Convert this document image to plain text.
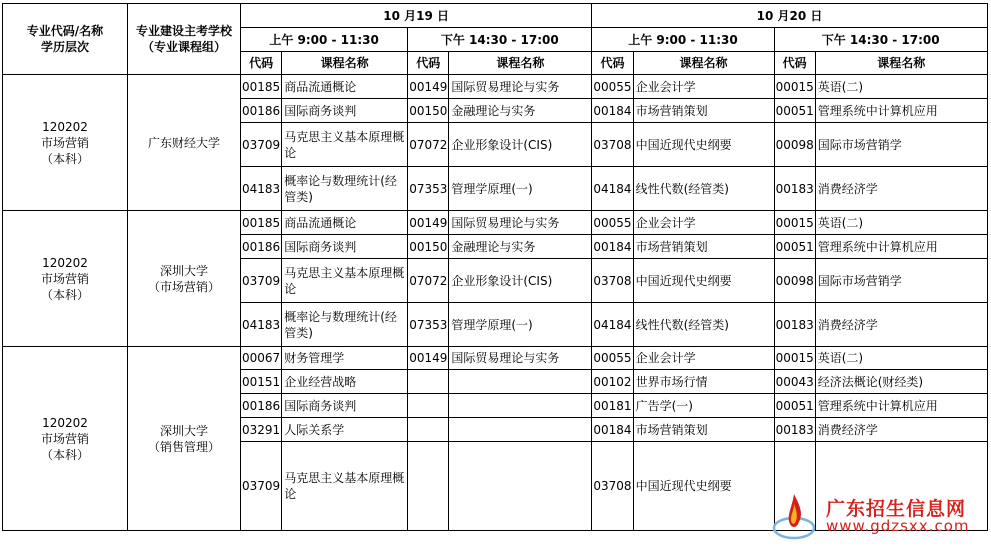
专业代码/名称
学历层次	专业建设主考学校
（专业课程组）	10 月19 日				10 月20 日			
		上午 9:00 - 11:30		下午 14:30 - 17:00		上午 9:00 - 11:30		下午 14:30 - 17:00	
		代码	课程名称	代码	课程名称	代码	课程名称	代码	课程名称

120202
市场营销
（本科）	广东财经大学	00185	商品流通概论	00149	国际贸易理论与实务	00055	企业会计学	00015	英语(二)
		00186	国际商务谈判	00150	金融理论与实务	00184	市场营销策划	00051	管理系统中计算机应用
		03709	马克思主义基本原理概论	07072	企业形象设计(CIS)	03708	中国近现代史纲要	00098	国际市场营销学
		04183	概率论与数理统计(经管类)	07353	管理学原理(一)	04184	线性代数(经管类)	00183	消费经济学

120202
市场营销
（本科）	深圳大学
（市场营销）	00185	商品流通概论	00149	国际贸易理论与实务	00055	企业会计学	00015	英语(二)
		00186	国际商务谈判	00150	金融理论与实务	00184	市场营销策划	00051	管理系统中计算机应用
		03709	马克思主义基本原理概论	07072	企业形象设计(CIS)	03708	中国近现代史纲要	00098	国际市场营销学
		04183	概率论与数理统计(经管类)	07353	管理学原理(一)	04184	线性代数(经管类)	00183	消费经济学

120202
市场营销
（本科）	深圳大学
（销售管理）	00067	财务管理学	00149	国际贸易理论与实务	00055	企业会计学	00015	英语(二)
		00151	企业经营战略			00102	世界市场行情	00043	经济法概论(财经类)
		00186	国际商务谈判			00181	广告学(一)	00051	管理系统中计算机应用
		03291	人际关系学			00184	市场营销策划	00183	消费经济学
		03709	马克思主义基本原理概论			03708	中国近现代史纲要		
广东招生信息网
www.gdzsxx.com
